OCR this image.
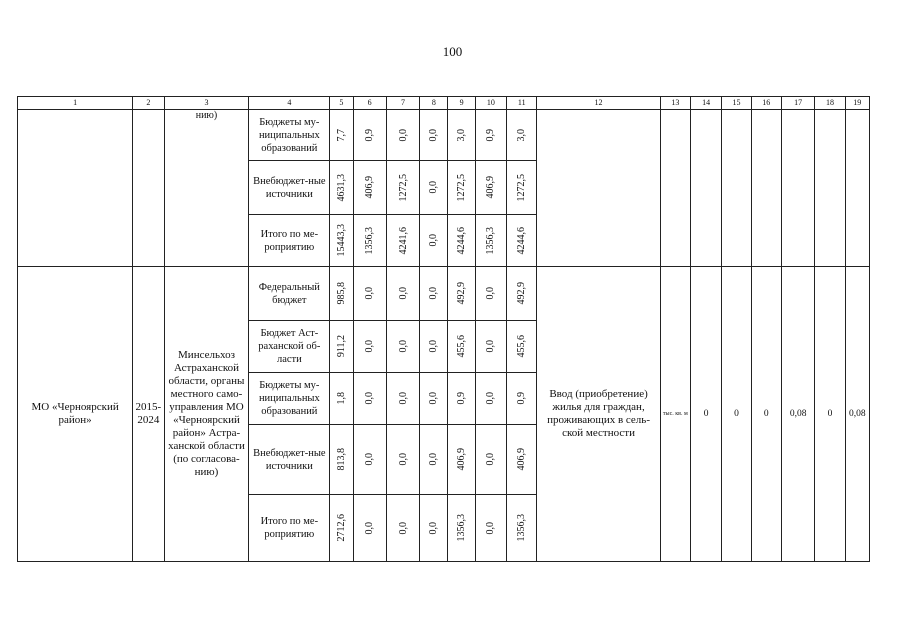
100
1	2	3	4	5	6	7	8	9	10	11	12	13	14	15	16	17	18	19
		нию)	Бюджеты му-ниципальных образований	7,7	0,9	0,0	0,0	3,0	0,9	3,0								

			Внебюджет-ные источники	4631,3	406,9	1272,5	0,0	1272,5	406,9	1272,5								

			Итого по ме-роприятию	15443,3	1356,3	4241,6	0,0	4244,6	1356,3	4244,6								

МО «Черноярский район»	2015-2024	Минсельхоз Астраханской области, органы местного само-управления МО «Черноярский район» Астра-ханской области (по согласова-нию)	Федеральный бюджет	985,8	0,0	0,0	0,0	492,9	0,0	492,9	Ввод (приобретение) жилья для граждан, проживающих в сель-ской местности	тыс. кв. м	0	0	0	0,08	0	0,08
			Бюджет Аст-раханской об-ласти	911,2	0,0	0,0	0,0	455,6	0,0	455,6								

			Бюджеты му-ниципальных образований	1,8	0,0	0,0	0,0	0,9	0,0	0,9								

			Внебюджет-ные источники	813,8	0,0	0,0	0,0	406,9	0,0	406,9								

			Итого по ме-роприятию	2712,6	0,0	0,0	0,0	1356,3	0,0	1356,3								
